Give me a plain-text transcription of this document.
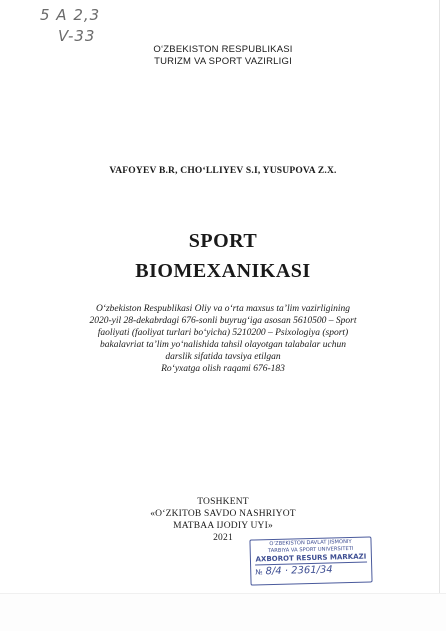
5 A 2,3
V-33
O‘ZBEKISTON RESPUBLIKASI
TURIZM VA SPORT VAZIRLIGI
VAFOYEV B.R, CHO‘LLIYEV S.I, YUSUPOVA Z.X.
SPORT
BIOMEXANIKASI
O‘zbekiston Respublikasi Oliy va o‘rta maxsus ta’lim vazirligining
2020-yil 28-dekabrdagi 676-sonli buyrug‘iga asosan 5610500 – Sport
faoliyati (faoliyat turlari bo‘yicha) 5210200 – Psixologiya (sport)
bakalavriat ta’lim yo‘nalishida tahsil olayotgan talabalar uchun
darslik sifatida tavsiya etilgan
Ro‘yxatga olish raqami 676-183
TOSHKENT
«O‘ZKITOB SAVDO NASHRIYOT
MATBAA IJODIY UYI»
2021
O‘ZBEKISTON DAVLAT JISMONIY
TARBIYA VA SPORT UNIVERSITETI
AXBOROT RESURS MARKAZI
№ 8/4 · 2361/34
